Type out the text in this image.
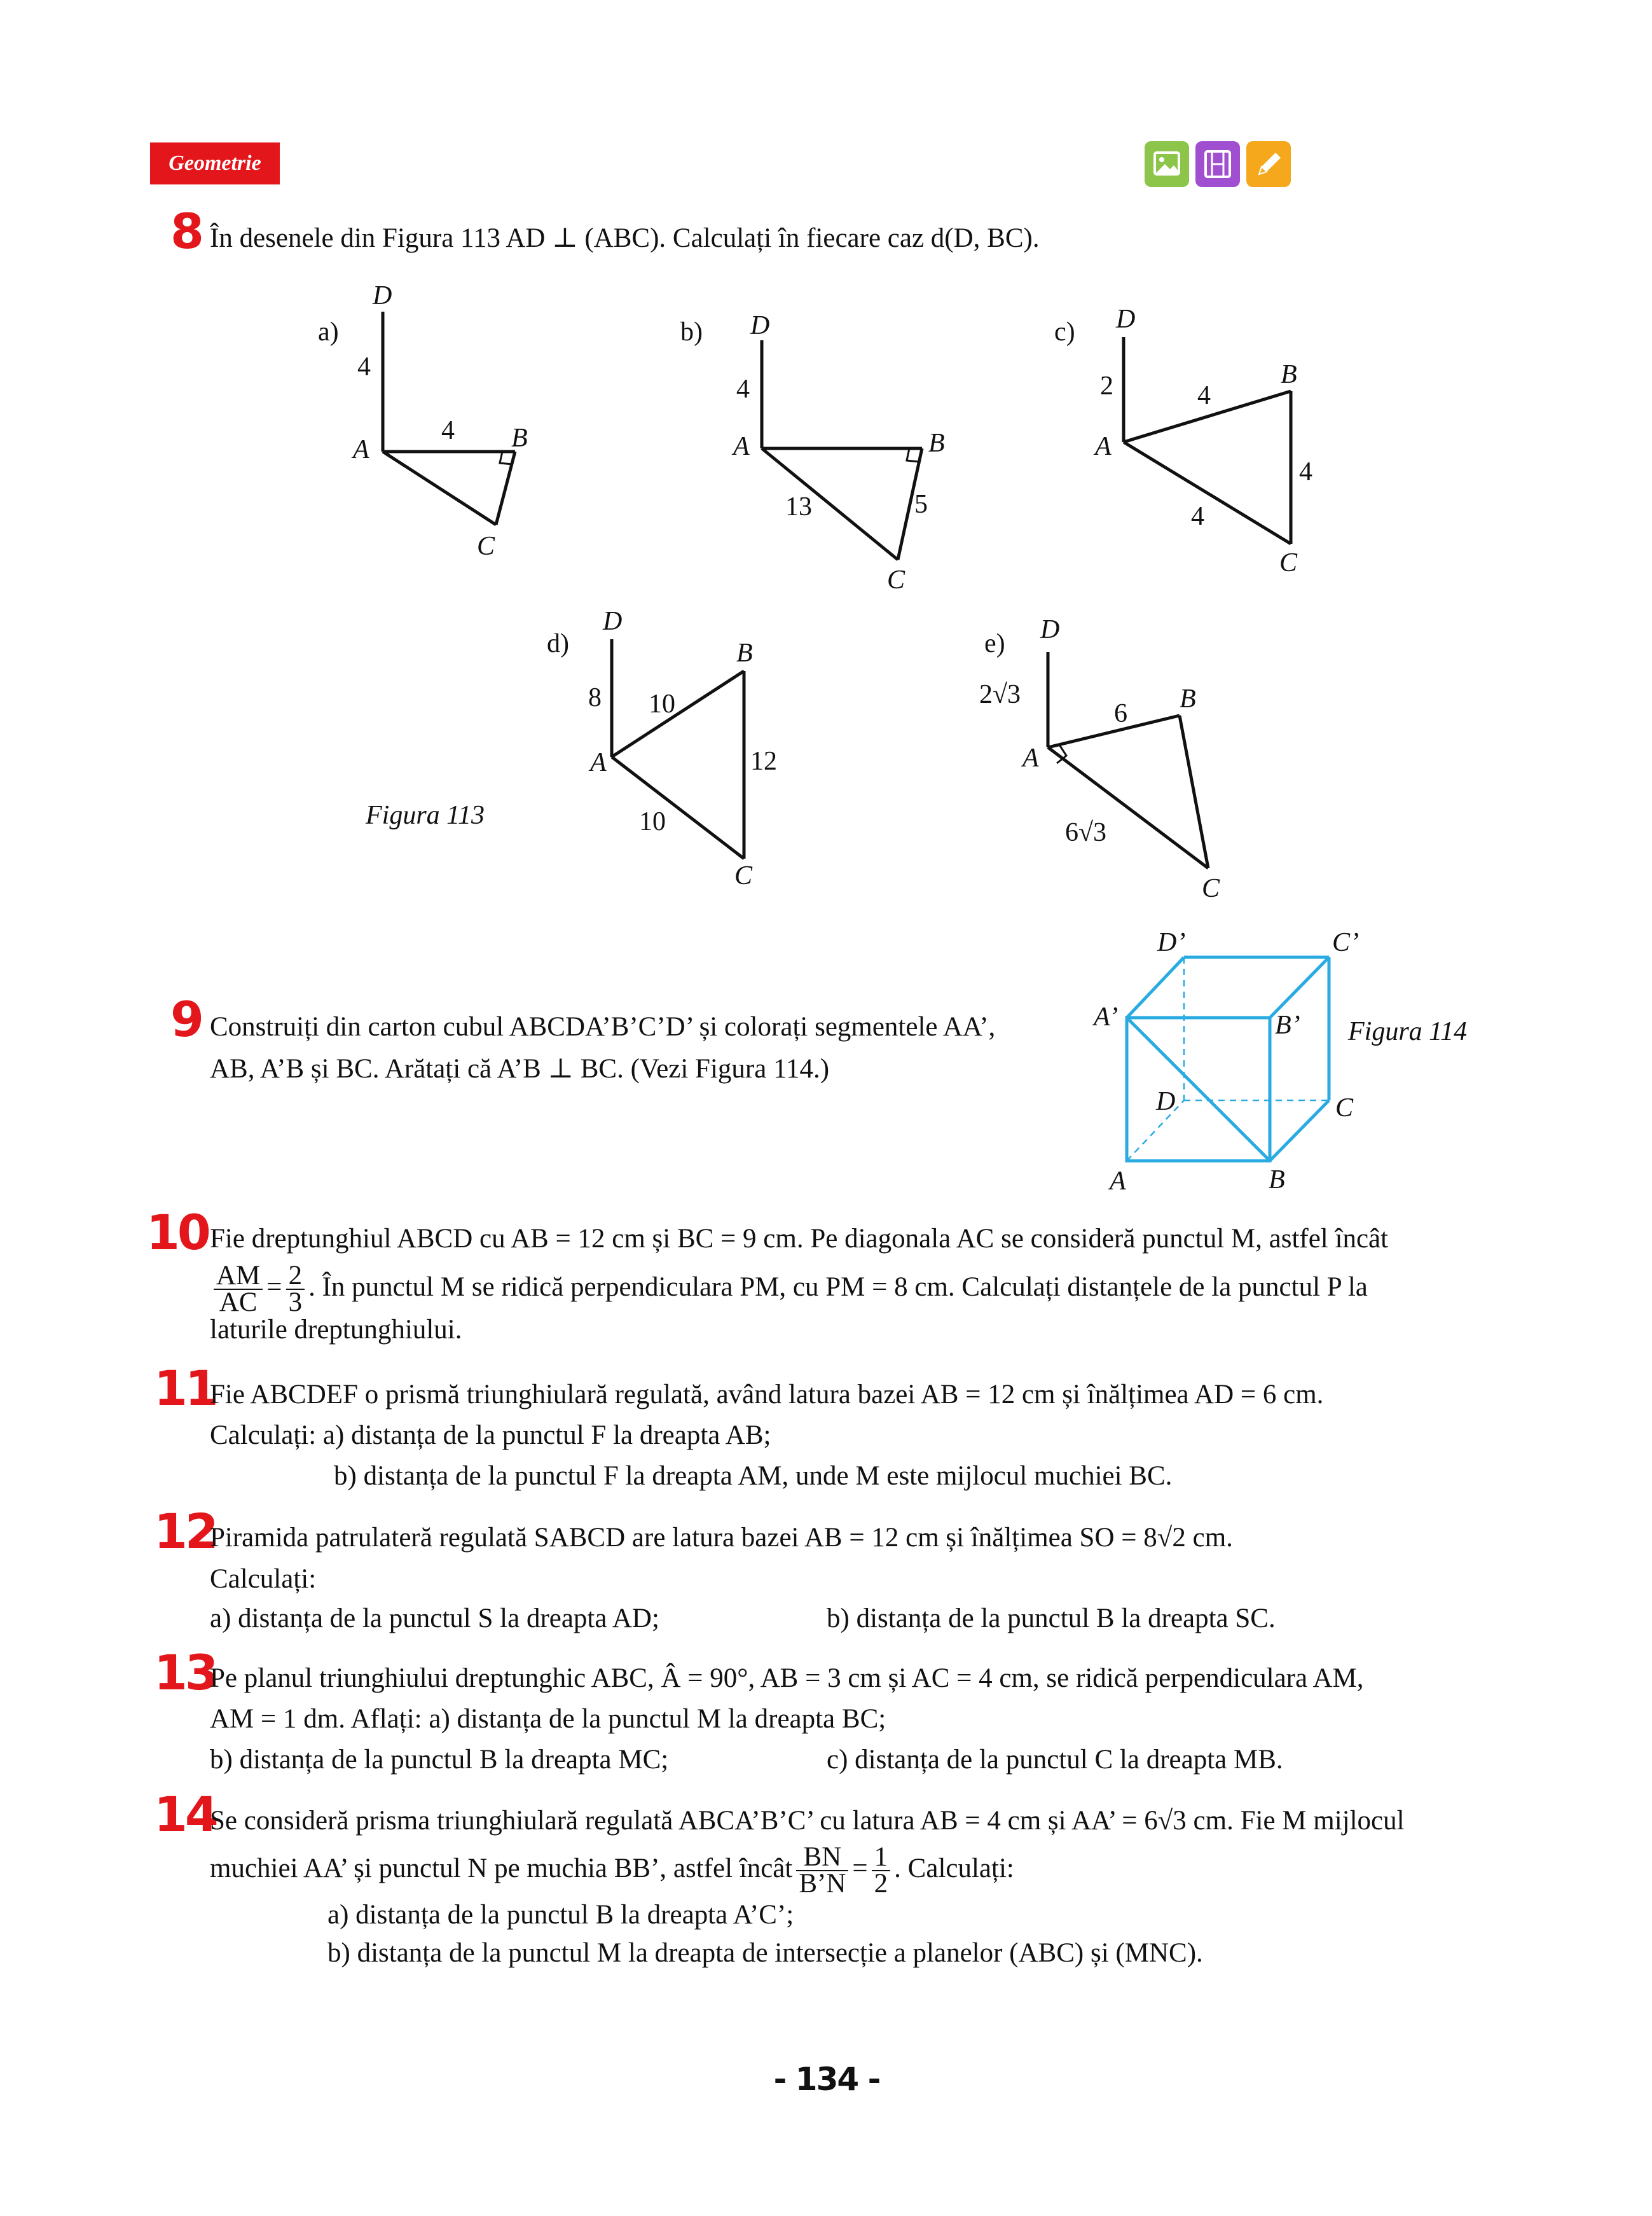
Geometrie
8 În desenele din Figura 113 AD ⊥ (ABC). Calculați în fiecare caz d(D, BC).
a)
D
4
A
4 B
C
b) D
4
A	B
13	5
C
c) D
2
A
4
B
4
4
C
d)
D
8 10
B
A	12
10
C
e) D
2√3
6 B
A
6√3
C
Figura 113
D’	C’
A’	B’
D	C
A	B
Figura 114
9 Construiți din carton cubul ABCDA’B’C’D’ și colorați segmentele AA’,
AB, A’B și BC. Arătați că A’B ⊥ BC. (Vezi Figura 114.)
10 Fie dreptunghiul ABCD cu AB = 12 cm și BC = 9 cm. Pe diagonala AC se consideră punctul M, astfel încât
$\frac{AM}{AC} = \frac{2}{3}$ . În punctul M se ridică perpendiculara PM, cu PM = 8 cm. Calculați distanțele de la punctul P la
laturile dreptunghiului.
11
Fie ABCDEF o prismă triunghiulară regulată, având latura bazei AB = 12 cm și înălțimea AD = 6 cm.
Calculați: a) distanța de la punctul F la dreapta AB;
b) distanța de la punctul F la dreapta AM, unde M este mijlocul muchiei BC.
12
Piramida patrulateră regulată SABCD are latura bazei AB = 12 cm și înălțimea SO = 8√2 cm.
Calculați:
a) distanța de la punctul S la dreapta AD;	b) distanța de la punctul B la dreapta SC.
13
Pe planul triunghiului dreptunghic ABC, Â = 90°, AB = 3 cm și AC = 4 cm, se ridică perpendiculara AM,
AM = 1 dm. Aflați: a) distanța de la punctul M la dreapta BC;
b) distanța de la punctul B la dreapta MC;	c) distanța de la punctul C la dreapta MB.
14
Se consideră prisma triunghiulară regulată ABCA’B’C’ cu latura AB = 4 cm și AA’ = 6√3 cm. Fie M mijlocul
muchiei AA’ și punctul N pe muchia BB’, astfel încât $\frac{BN}{B’N} = \frac{1}{2}$ . Calculați:
a) distanța de la punctul B la dreapta A’C’;
b) distanța de la punctul M la dreapta de intersecție a planelor (ABC) și (MNC).
- 134 -
